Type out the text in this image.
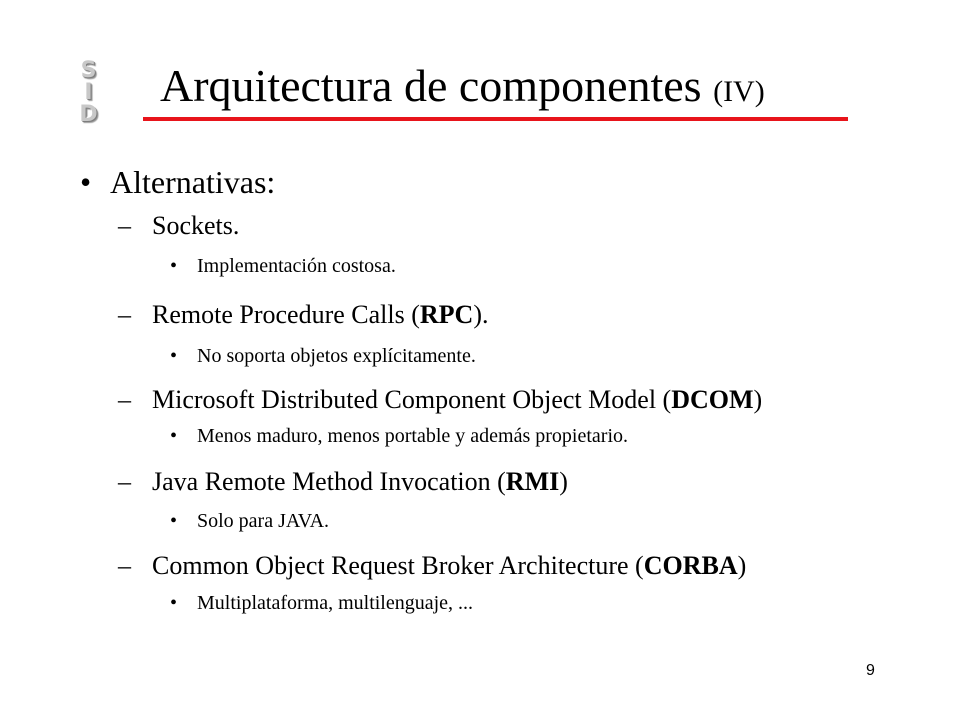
S
I
D
Arquitectura de componentes (IV)
• Alternativas:
– Sockets.
• Implementación costosa.
– Remote Procedure Calls (RPC).
• No soporta objetos explícitamente.
– Microsoft Distributed Component Object Model (DCOM)
• Menos maduro, menos portable y además propietario.
– Java Remote Method Invocation (RMI)
• Solo para JAVA.
– Common Object Request Broker Architecture (CORBA)
• Multiplataforma, multilenguaje, ...
9
